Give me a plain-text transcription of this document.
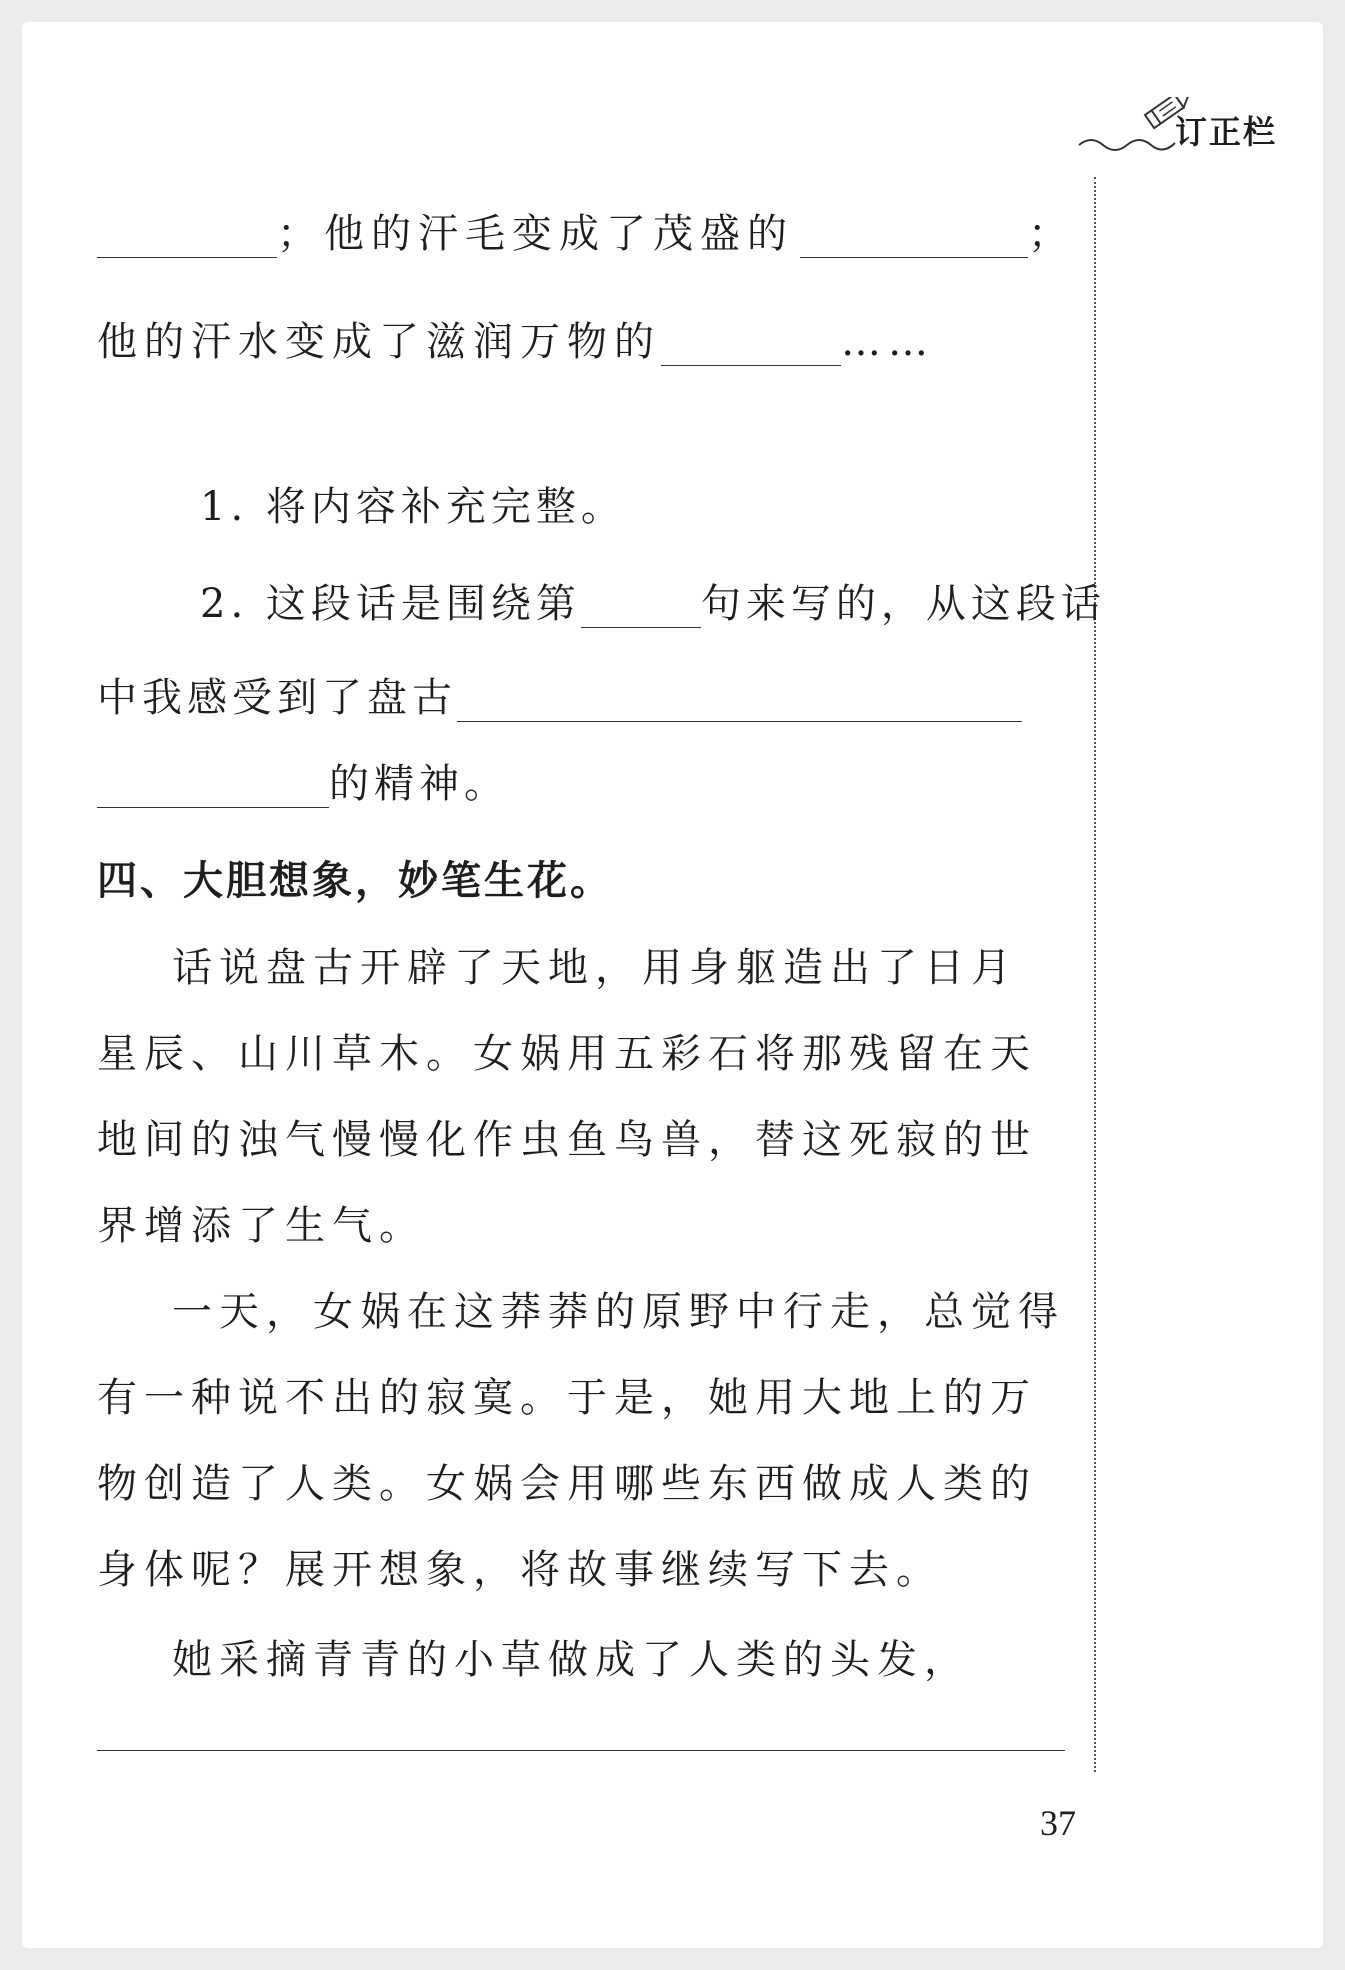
订正栏
；他的汗毛变成了茂盛的	；
他的汗水变成了滋润万物的	……
1. 将内容补充完整。
2. 这段话是围绕第	句来写的，从这段话
中我感受到了盘古
的精神。
四、大胆想象，妙笔生花。
话说盘古开辟了天地，用身躯造出了日月
星辰、山川草木。女娲用五彩石将那残留在天
地间的浊气慢慢化作虫鱼鸟兽，替这死寂的世
界增添了生气。
一天，女娲在这莽莽的原野中行走，总觉得
有一种说不出的寂寞。于是，她用大地上的万
物创造了人类。女娲会用哪些东西做成人类的
身体呢？展开想象，将故事继续写下去。
她采摘青青的小草做成了人类的头发，
37
